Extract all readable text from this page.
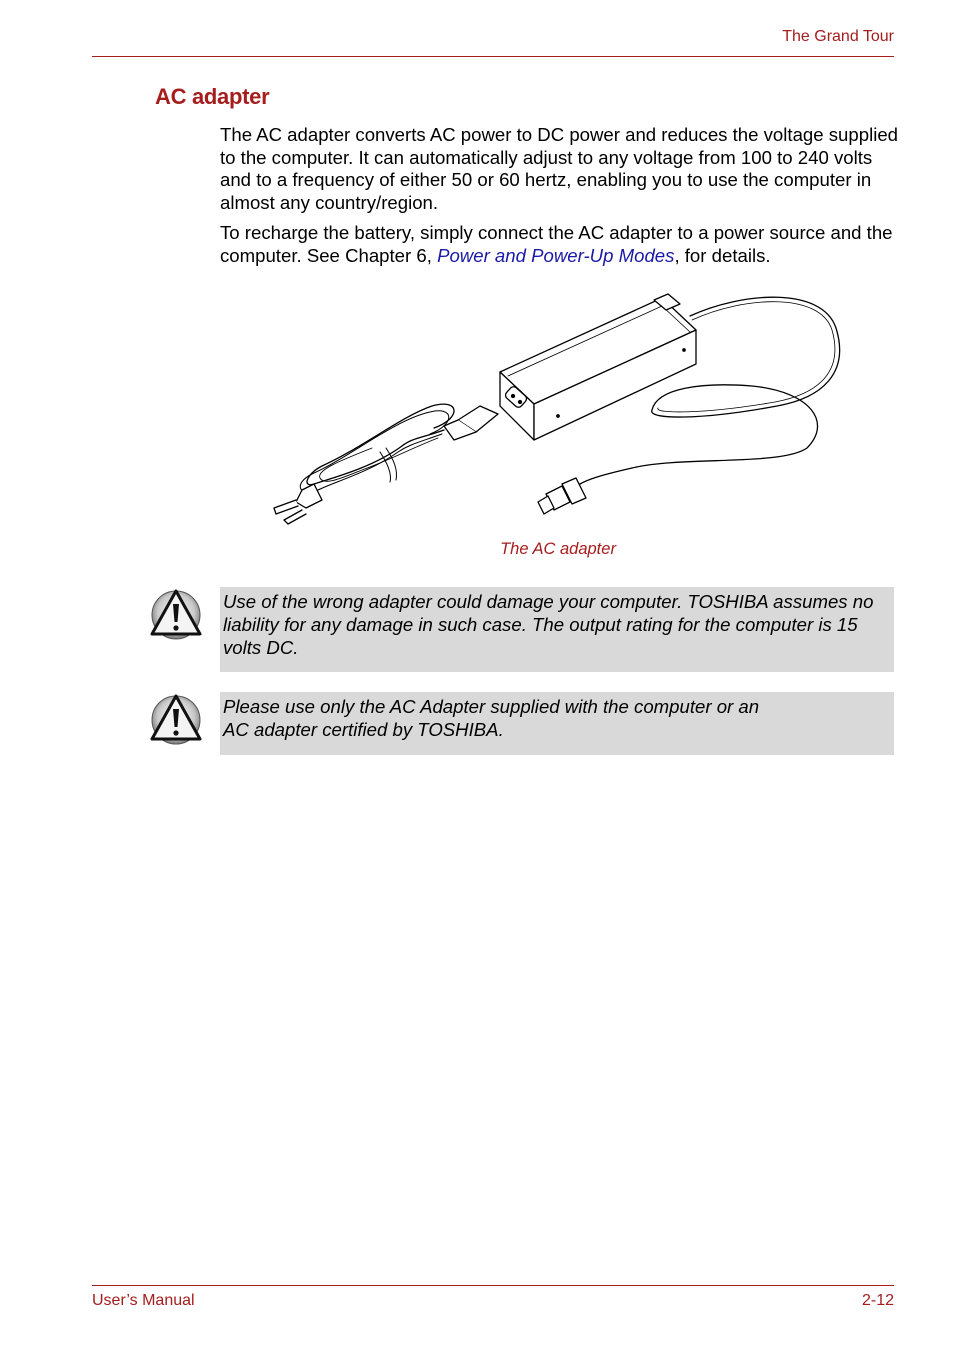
The Grand Tour
AC adapter

The AC adapter converts AC power to DC power and reduces the voltage supplied to the computer. It can automatically adjust to any voltage from 100 to 240 volts and to a frequency of either 50 or 60 hertz, enabling you to use the computer in almost any country/region.

To recharge the battery, simply connect the AC adapter to a power source and the computer. See Chapter 6, Power and Power-Up Modes, for details.

The AC adapter
Use of the wrong adapter could damage your computer. TOSHIBA assumes no liability for any damage in such case. The output rating for the computer is 15 volts DC.
Please use only the AC Adapter supplied with the computer or an
AC adapter certified by TOSHIBA.
User’s Manual	2-12
